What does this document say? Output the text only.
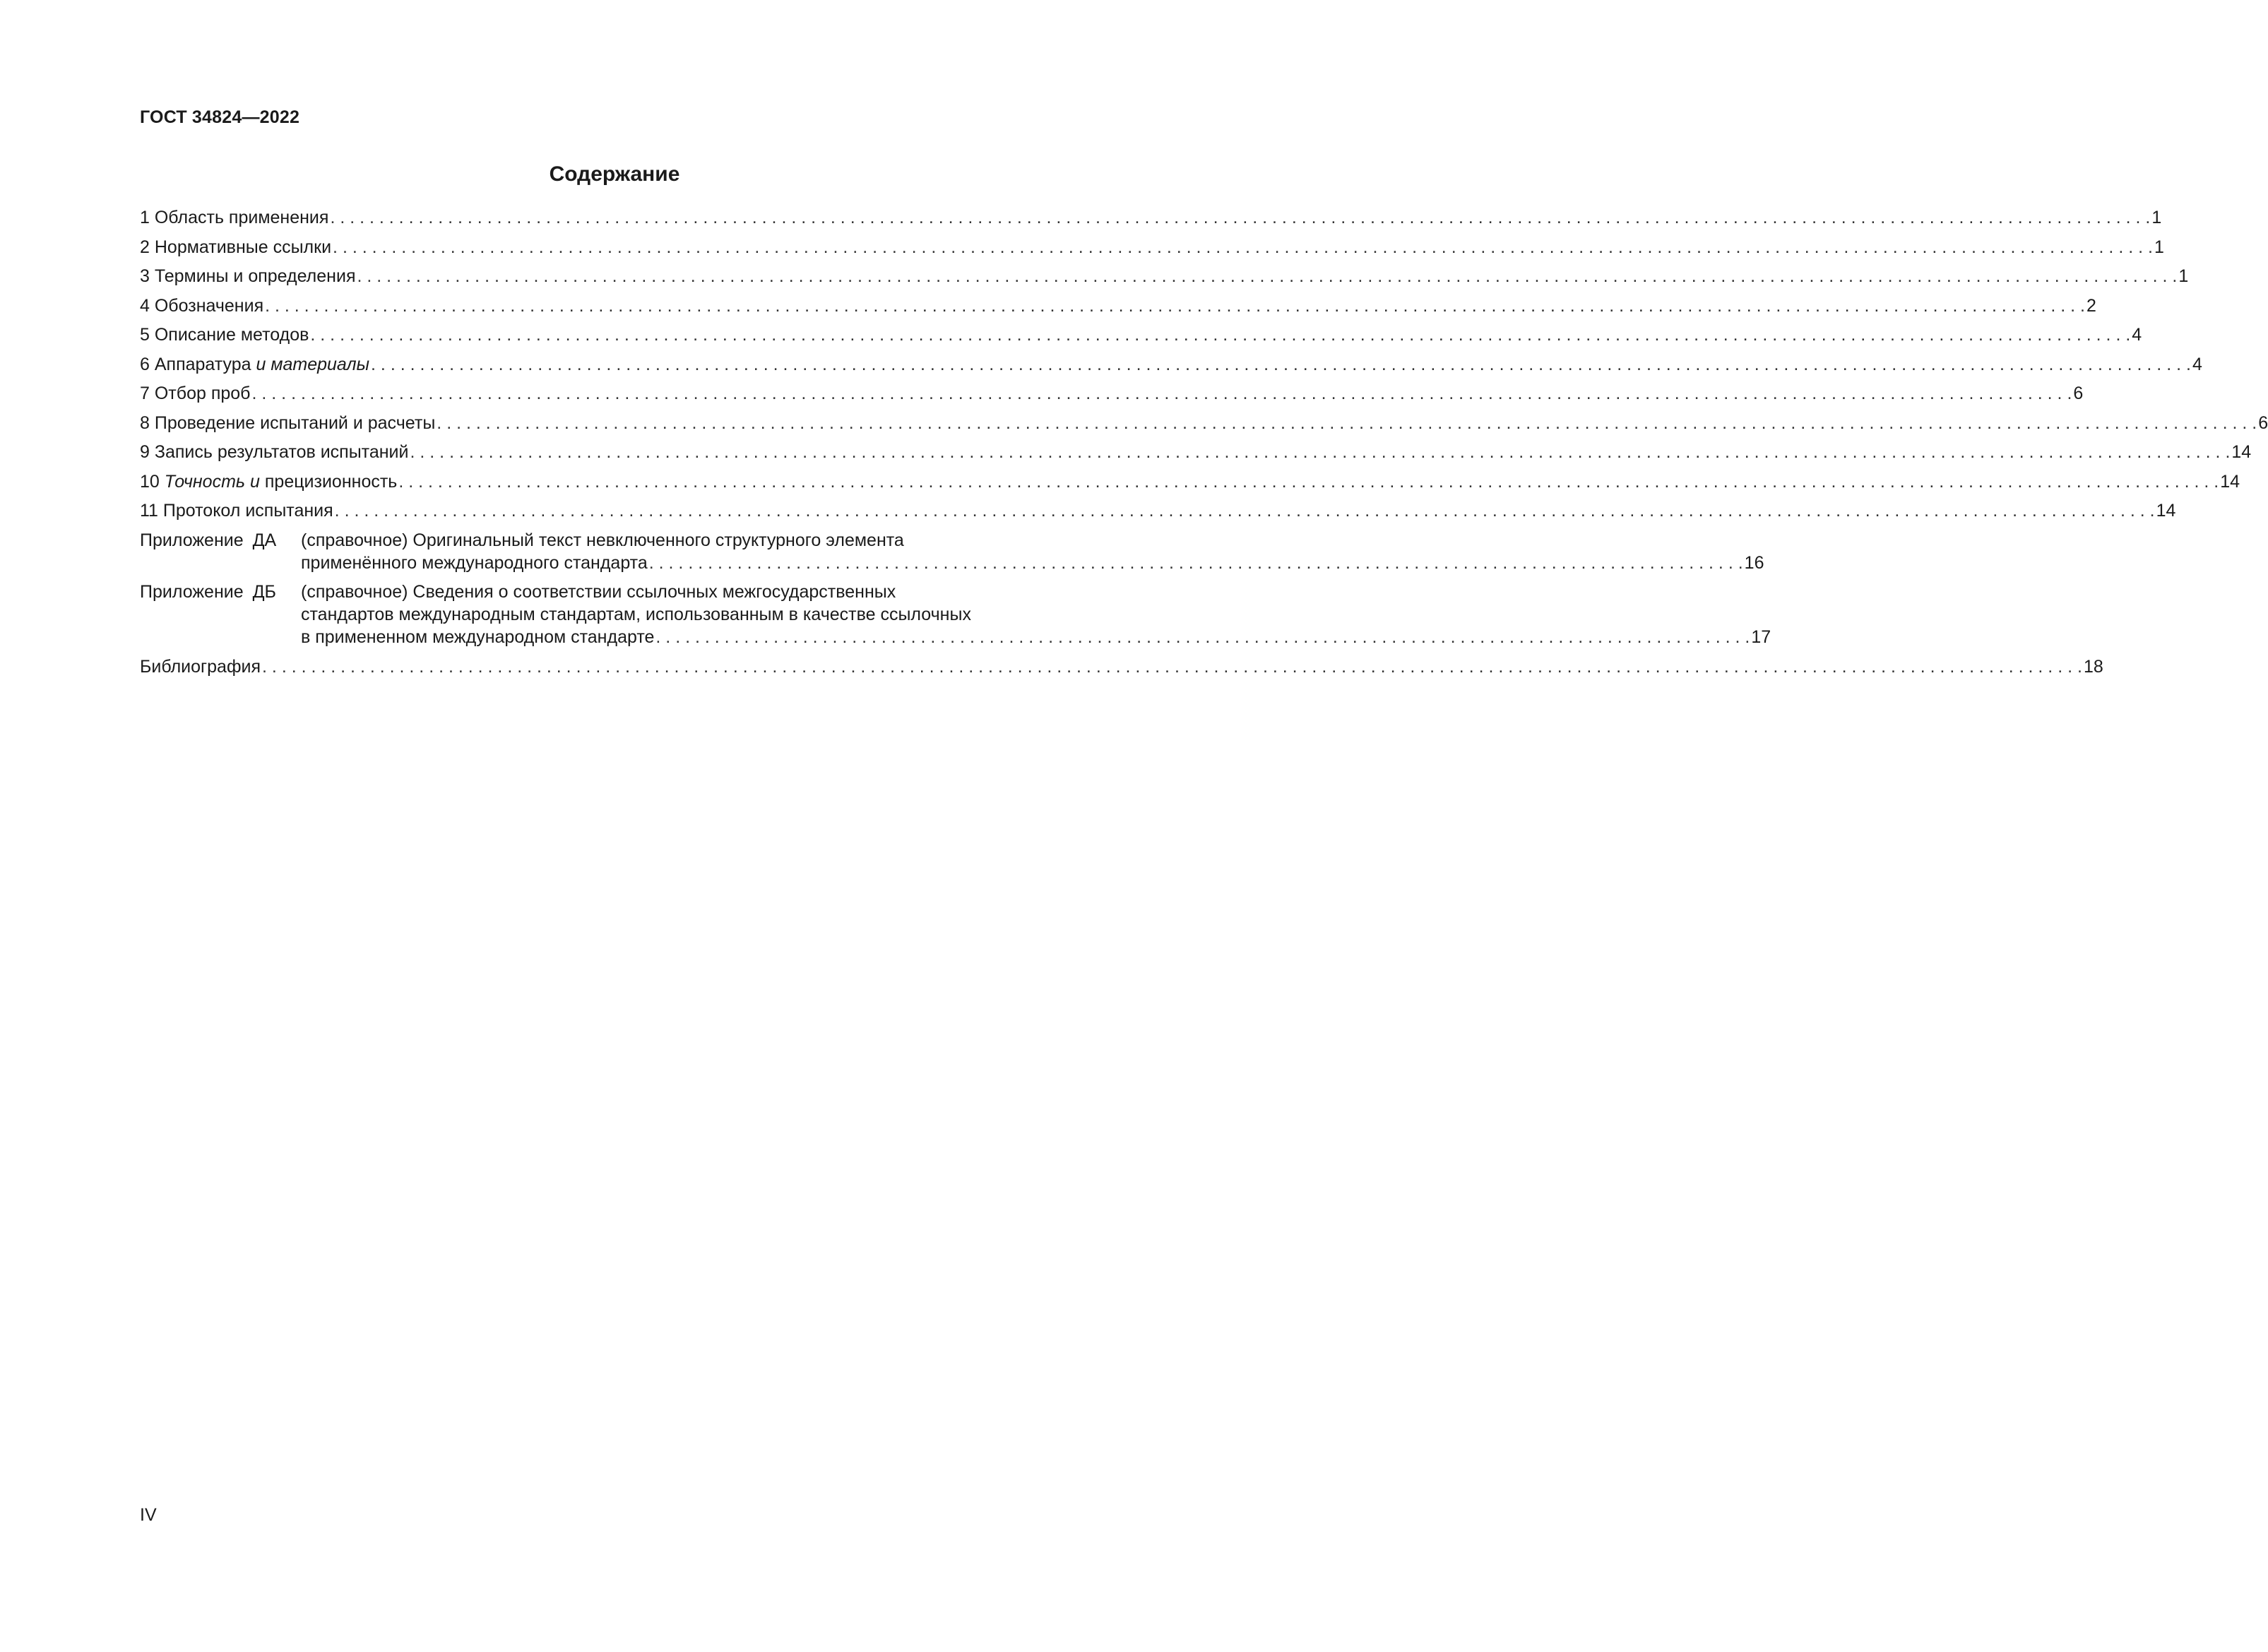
ГОСТ 34824—2022
Содержание
1 Область применения . . .	1
2 Нормативные ссылки . . .	1
3 Термины и определения . . .	1
4 Обозначения . . .	2
5 Описание методов . . .	4
6 Аппаратура и материалы . . .	4
7 Отбор проб . . .	6
8 Проведение испытаний и расчеты . . .	6
9 Запись результатов испытаний . . .	14
10 Точность и прецизионность . . .	14
11 Протокол испытания . . .	14
Приложение ДА	(справочное) Оригинальный текст невключенного структурного элемента
применённого международного стандарта . . .	16
Приложение ДБ	(справочное) Сведения о соответствии ссылочных межгосударственных
стандартов международным стандартам, использованным в качестве ссылочных
в примененном международном стандарте . . .	17
Библиография . . .	18
IV
